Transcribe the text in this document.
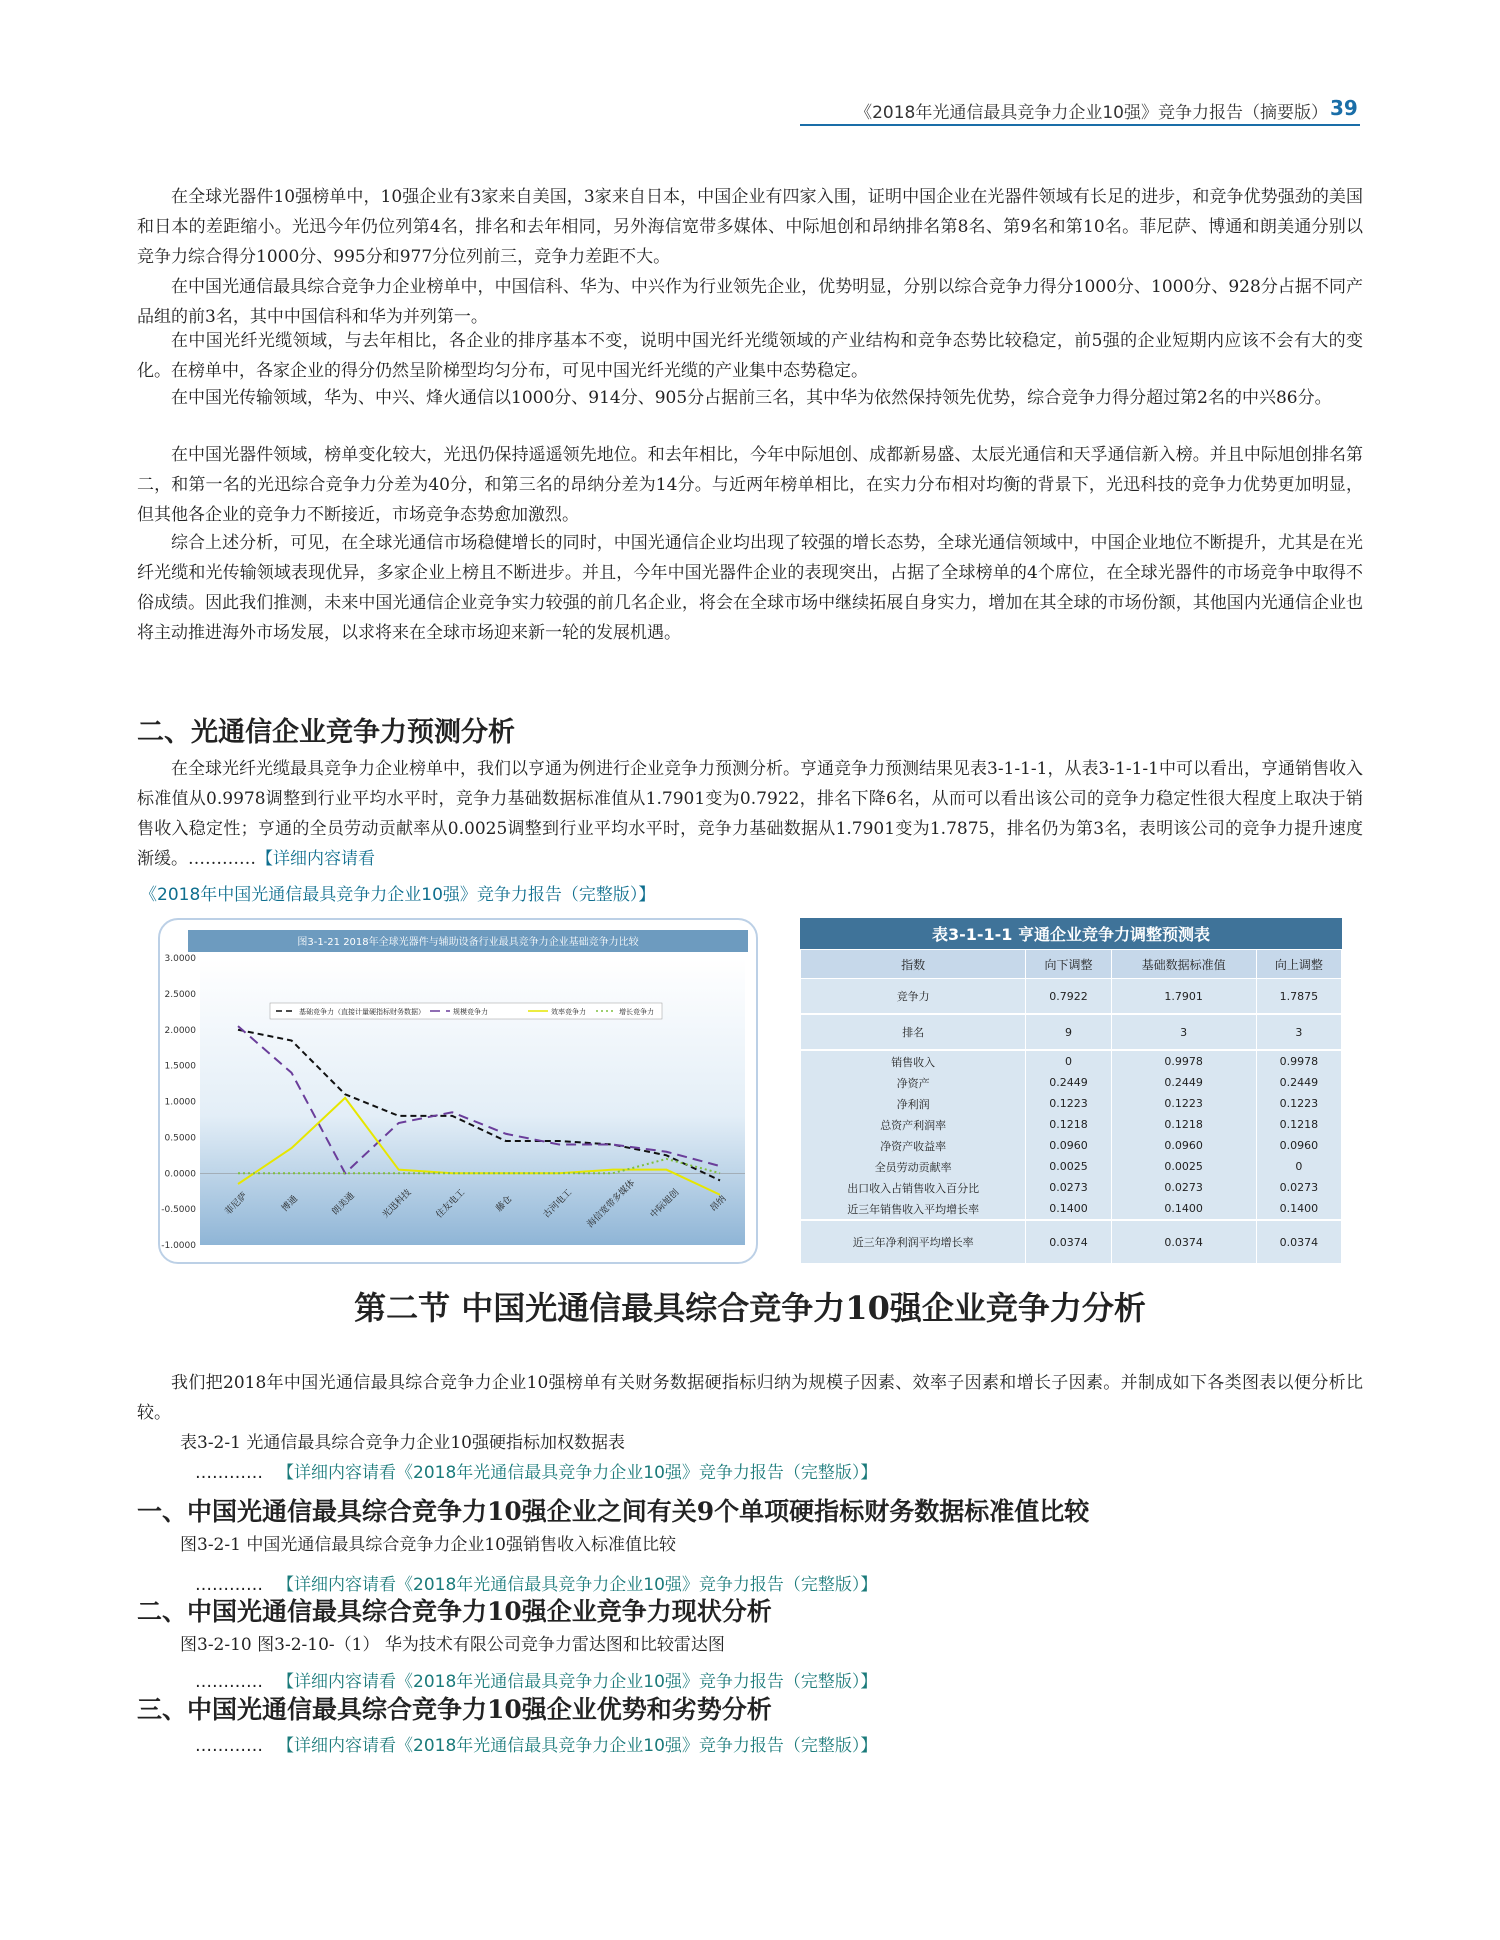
《2018年光通信最具竞争力企业10强》竞争力报告（摘要版） 39

在全球光器件10强榜单中，10强企业有3家来自美国，3家来自日本，中国企业有四家入围，证明中国企业在光器件领域有长足的进步，和竞争优势强劲的美国和日本的差距缩小。光迅今年仍位列第4名，排名和去年相同，另外海信宽带多媒体、中际旭创和昂纳排名第8名、第9名和第10名。菲尼萨、博通和朗美通分别以竞争力综合得分1000分、995分和977分位列前三，竞争力差距不大。

在中国光通信最具综合竞争力企业榜单中，中国信科、华为、中兴作为行业领先企业，优势明显，分别以综合竞争力得分1000分、1000分、928分占据不同产品组的前3名，其中中国信科和华为并列第一。

在中国光纤光缆领域，与去年相比，各企业的排序基本不变，说明中国光纤光缆领域的产业结构和竞争态势比较稳定，前5强的企业短期内应该不会有大的变化。在榜单中，各家企业的得分仍然呈阶梯型均匀分布，可见中国光纤光缆的产业集中态势稳定。

在中国光传输领域，华为、中兴、烽火通信以1000分、914分、905分占据前三名，其中华为依然保持领先优势，综合竞争力得分超过第2名的中兴86分。

在中国光器件领域，榜单变化较大，光迅仍保持遥遥领先地位。和去年相比，今年中际旭创、成都新易盛、太辰光通信和天孚通信新入榜。并且中际旭创排名第二，和第一名的光迅综合竞争力分差为40分，和第三名的昂纳分差为14分。与近两年榜单相比，在实力分布相对均衡的背景下，光迅科技的竞争力优势更加明显，但其他各企业的竞争力不断接近，市场竞争态势愈加激烈。

综合上述分析，可见，在全球光通信市场稳健增长的同时，中国光通信企业均出现了较强的增长态势，全球光通信领域中，中国企业地位不断提升，尤其是在光纤光缆和光传输领域表现优异，多家企业上榜且不断进步。并且，今年中国光器件企业的表现突出，占据了全球榜单的4个席位，在全球光器件的市场竞争中取得不俗成绩。因此我们推测，未来中国光通信企业竞争实力较强的前几名企业，将会在全球市场中继续拓展自身实力，增加在其全球的市场份额，其他国内光通信企业也将主动推进海外市场发展，以求将来在全球市场迎来新一轮的发展机遇。

二、光通信企业竞争力预测分析

在全球光纤光缆最具竞争力企业榜单中，我们以亨通为例进行企业竞争力预测分析。亨通竞争力预测结果见表3-1-1-1，从表3-1-1-1中可以看出，亨通销售收入标准值从0.9978调整到行业平均水平时，竞争力基础数据标准值从1.7901变为0.7922，排名下降6名，从而可以看出该公司的竞争力稳定性很大程度上取决于销售收入稳定性；亨通的全员劳动贡献率从0.0025调整到行业平均水平时，竞争力基础数据从1.7901变为1.7875，排名仍为第3名，表明该公司的竞争力提升速度渐缓。…………【详细内容请看

《2018年中国光通信最具竞争力企业10强》竞争力报告（完整版）】
图3-1-21 2018年全球光器件与辅助设备行业最具竞争力企业基础竞争力比较
3.0000
2.5000
2.0000
1.5000
1.0000
0.5000
0.0000
-0.5000
-1.0000
菲尼萨	博通	朗美通	光迅科技 住友电工	藤仓	古河电工 海信宽带多媒体 中际旭创	昂纳
基础竞争力（直接计量硬指标财务数据）	规模竞争力	效率竞争力	增长竞争力
表3-1-1-1 亨通企业竞争力调整预测表
指数	向下调整	基础数据标准值	向上调整
竞争力	0.7922	1.7901	1.7875
排名	9	3	3
销售收入	0	0.9978	0.9978
净资产	0.2449	0.2449	0.2449
净利润	0.1223	0.1223	0.1223
总资产利润率	0.1218	0.1218	0.1218
净资产收益率	0.0960	0.0960	0.0960
全员劳动贡献率	0.0025	0.0025	0
出口收入占销售收入百分比	0.0273	0.0273	0.0273
近三年销售收入平均增长率	0.1400	0.1400	0.1400
近三年净利润平均增长率	0.0374	0.0374	0.0374
第二节 中国光通信最具综合竞争力10强企业竞争力分析

我们把2018年中国光通信最具综合竞争力企业10强榜单有关财务数据硬指标归纳为规模子因素、效率子因素和增长子因素。并制成如下各类图表以便分析比较。

表3-2-1 光通信最具综合竞争力企业10强硬指标加权数据表
………… 【详细内容请看《2018年光通信最具竞争力企业10强》竞争力报告（完整版）】
一、中国光通信最具综合竞争力10强企业之间有关9个单项硬指标财务数据标准值比较
图3-2-1 中国光通信最具综合竞争力企业10强销售收入标准值比较
………… 【详细内容请看《2018年光通信最具竞争力企业10强》竞争力报告（完整版）】
二、中国光通信最具综合竞争力10强企业竞争力现状分析
图3-2-10 图3-2-10-（1） 华为技术有限公司竞争力雷达图和比较雷达图
………… 【详细内容请看《2018年光通信最具竞争力企业10强》竞争力报告（完整版）】
三、中国光通信最具综合竞争力10强企业优势和劣势分析
………… 【详细内容请看《2018年光通信最具竞争力企业10强》竞争力报告（完整版）】
